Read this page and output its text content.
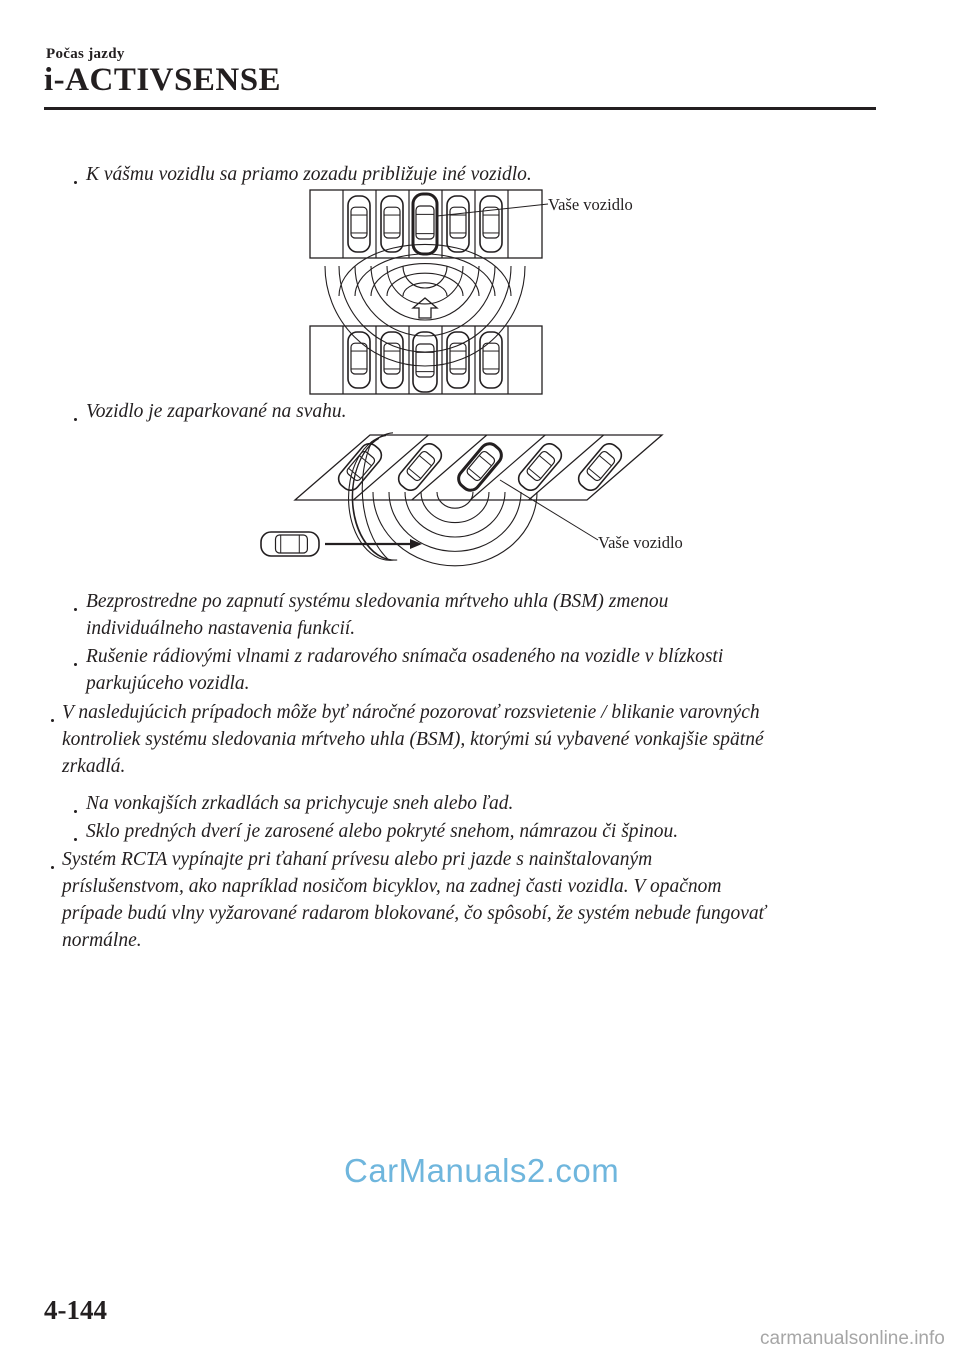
Počas jazdy
i-ACTIVSENSE
K vášmu vozidlu sa priamo zozadu približuje iné vozidlo.
Vaše vozidlo
Vozidlo je zaparkované na svahu.
Vaše vozidlo
Bezprostredne po zapnutí systému sledovania mŕtveho uhla (BSM) zmenou
individuálneho nastavenia funkcií.
Rušenie rádiovými vlnami z radarového snímača osadeného na vozidle v blízkosti
parkujúceho vozidla.
V nasledujúcich prípadoch môže byť náročné pozorovať rozsvietenie / blikanie varovných
kontroliek systému sledovania mŕtveho uhla (BSM), ktorými sú vybavené vonkajšie spätné
zrkadlá.
Na vonkajších zrkadlách sa prichycuje sneh alebo ľad.
Sklo predných dverí je zarosené alebo pokryté snehom, námrazou či špinou.
Systém RCTA vypínajte pri ťahaní prívesu alebo pri jazde s nainštalovaným
príslušenstvom, ako napríklad nosičom bicyklov, na zadnej časti vozidla. V opačnom
prípade budú vlny vyžarované radarom blokované, čo spôsobí, že systém nebude fungovať
normálne.
CarManuals2.com
4-144
carmanualsonline.info
